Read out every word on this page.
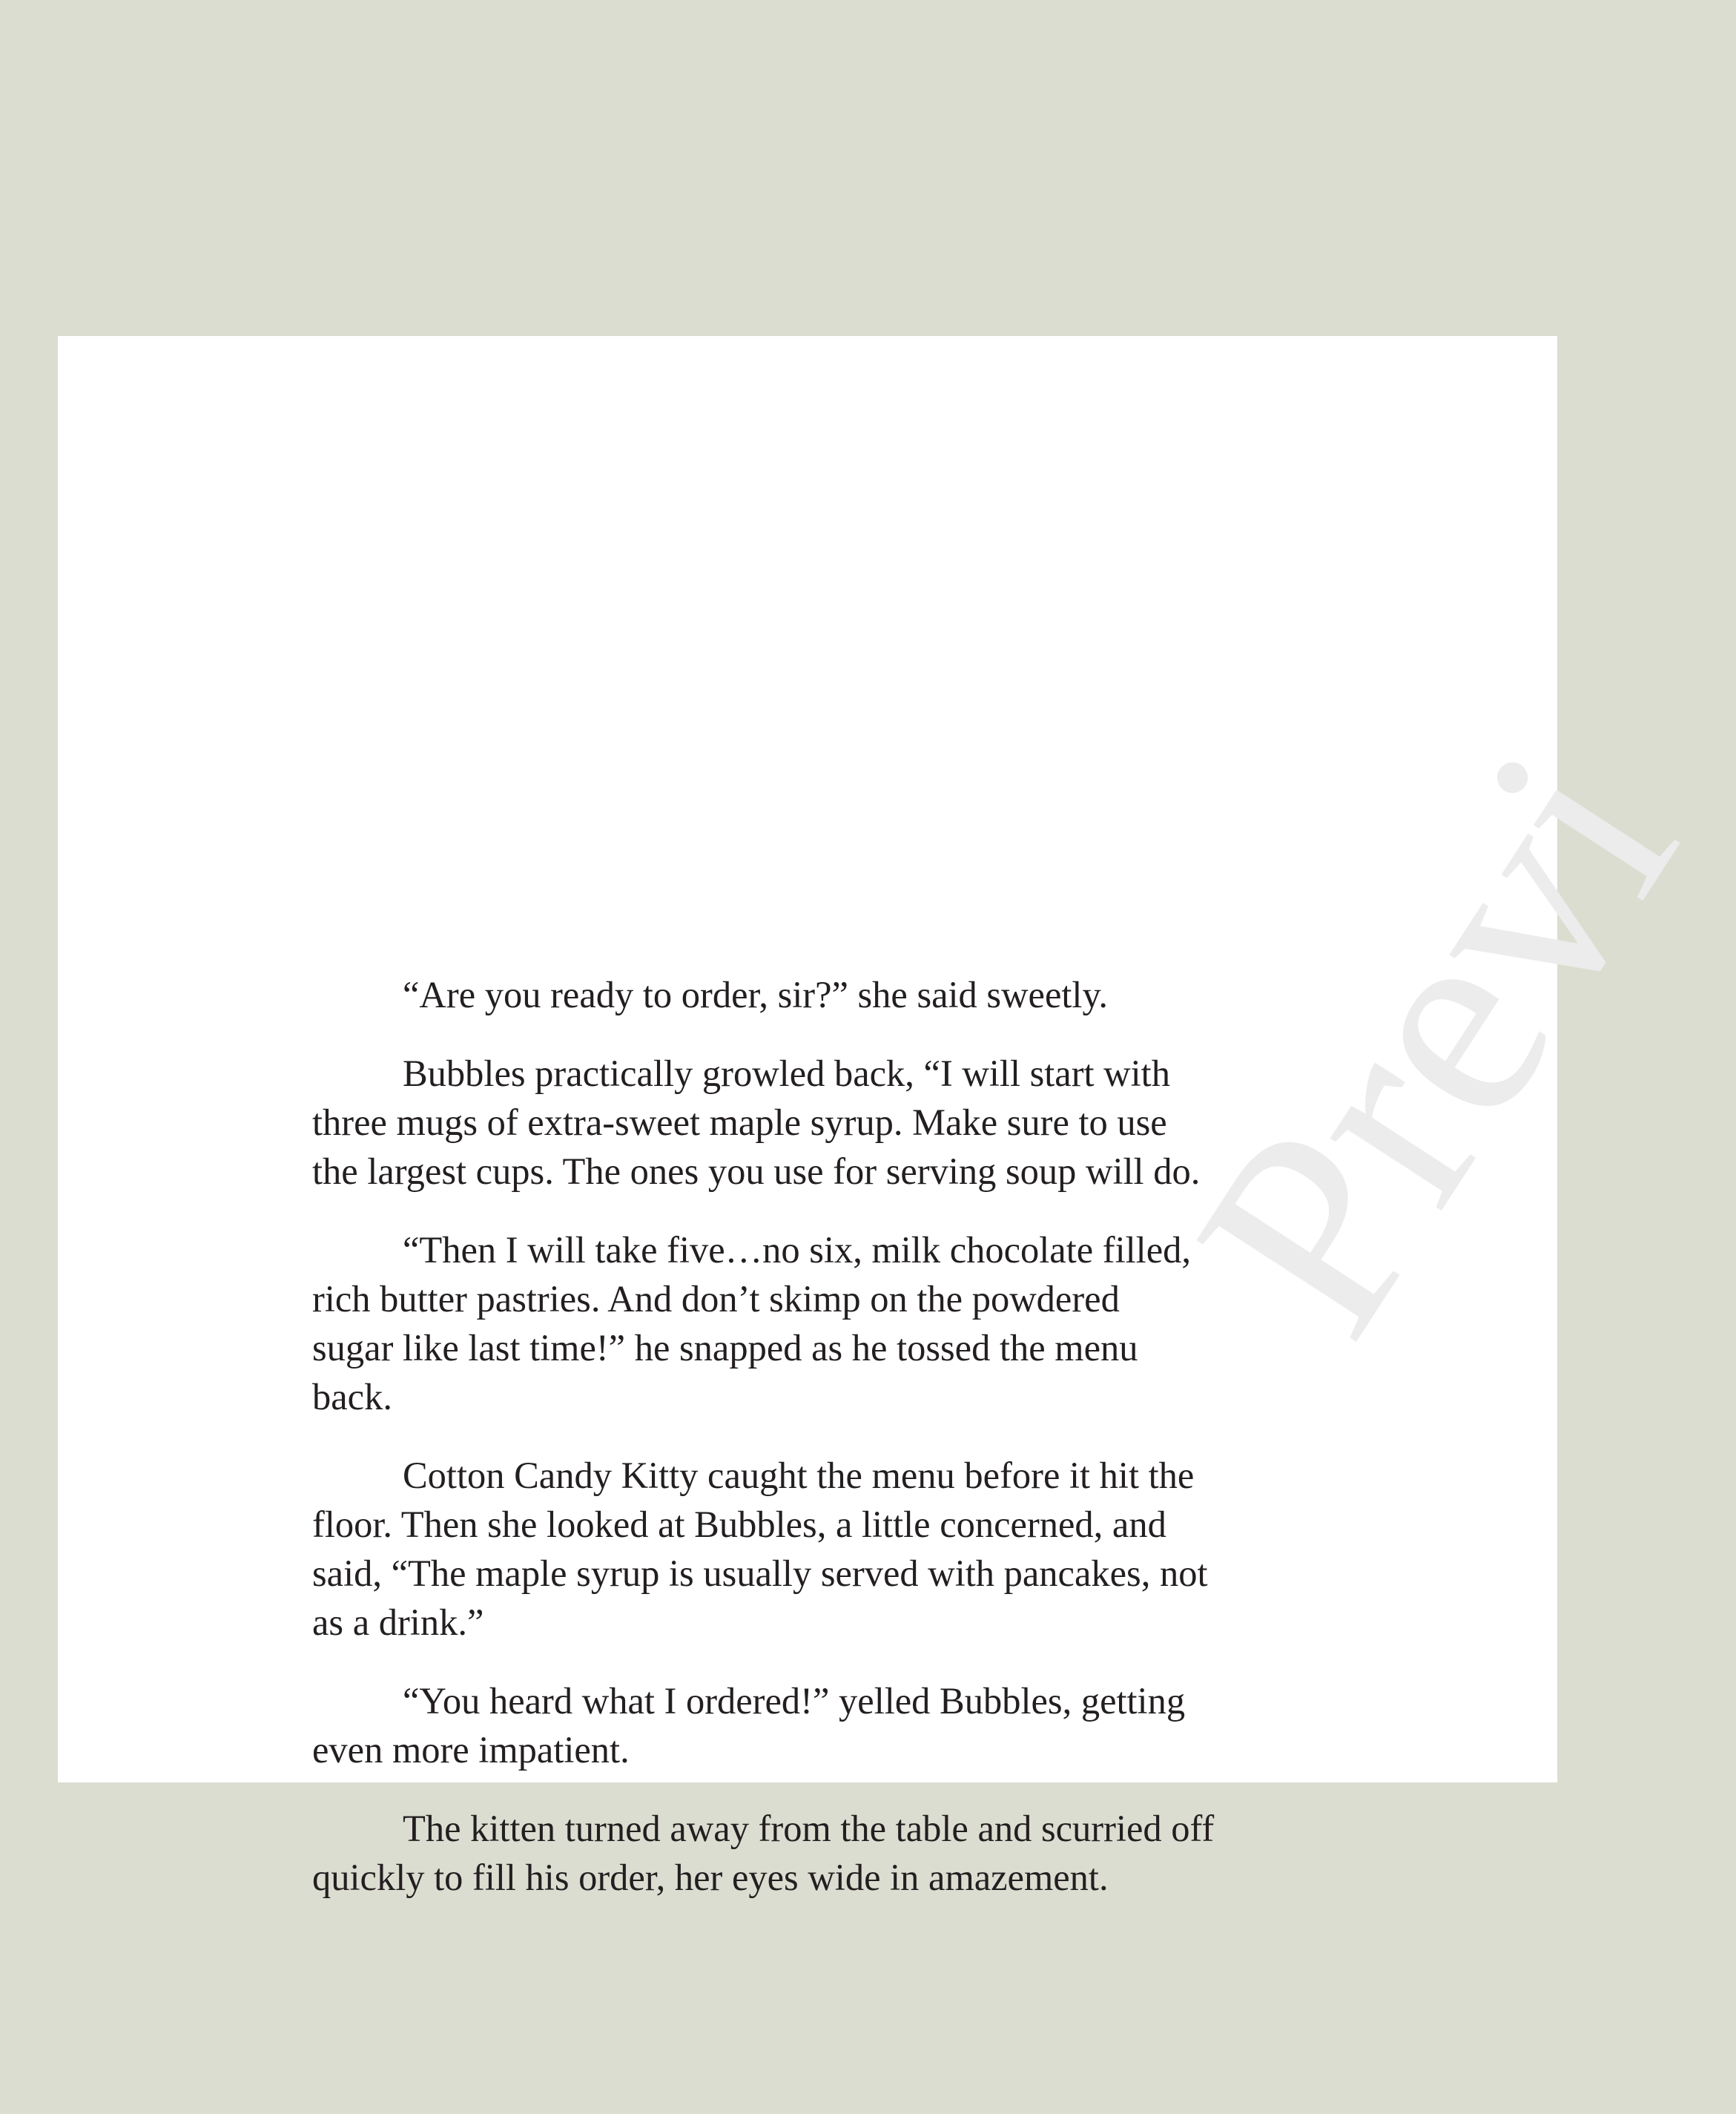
Previ

“Are you ready to order, sir?” she said sweetly.

Bubbles practically growled back, “I will start with
three mugs of extra-sweet maple syrup. Make sure to use
the largest cups. The ones you use for serving soup will do.

“Then I will take five…no six, milk chocolate filled,
rich butter pastries. And don’t skimp on the powdered
sugar like last time!” he snapped as he tossed the menu
back.

Cotton Candy Kitty caught the menu before it hit the
floor. Then she looked at Bubbles, a little concerned, and
said, “The maple syrup is usually served with pancakes, not
as a drink.”

“You heard what I ordered!” yelled Bubbles, getting
even more impatient.

The kitten turned away from the table and scurried off
quickly to fill his order, her eyes wide in amazement.
